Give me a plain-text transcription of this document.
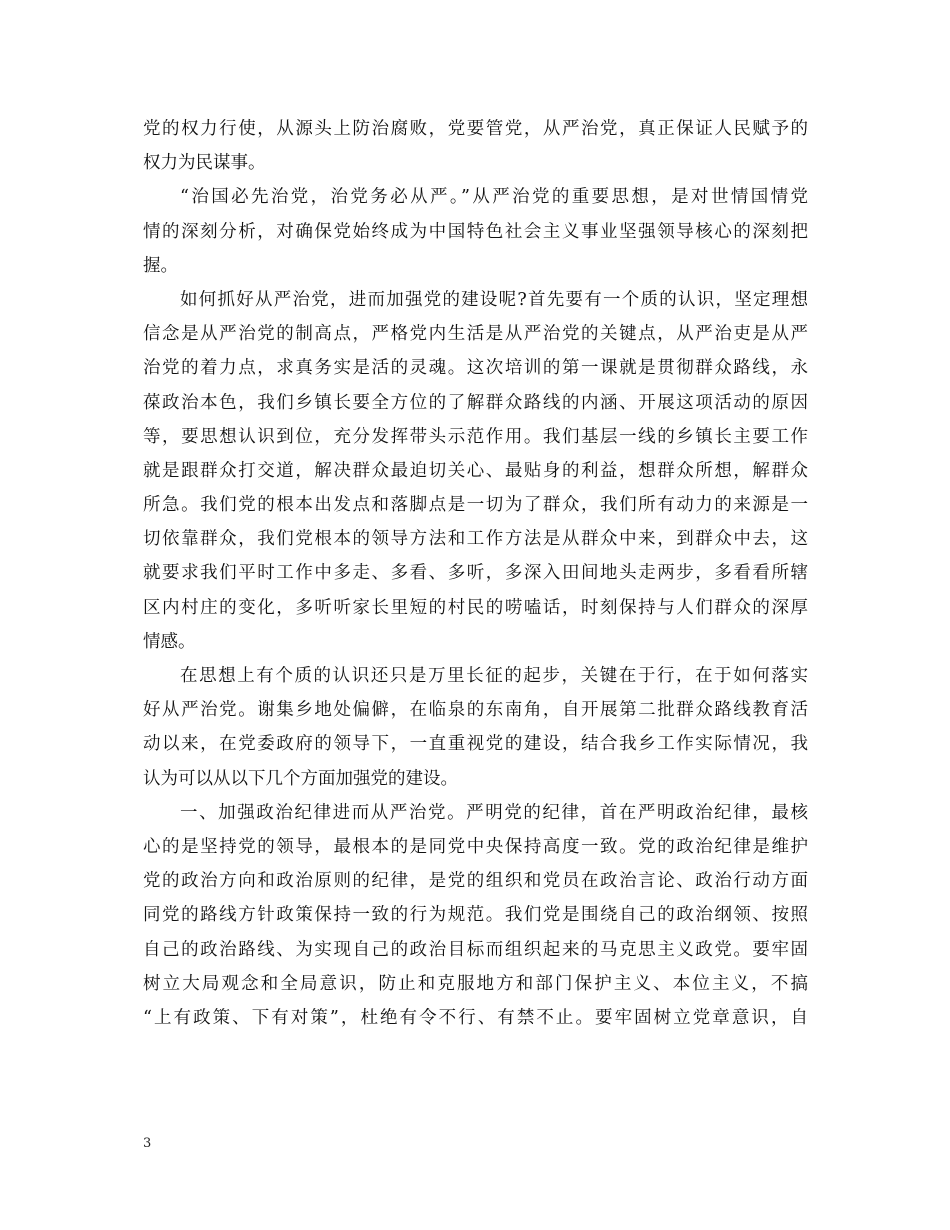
党的权力行使，从源头上防治腐败，党要管党，从严治党，真正保证人民赋予的
权力为民谋事。

“治国必先治党，治党务必从严。”从严治党的重要思想，是对世情国情党
情的深刻分析，对确保党始终成为中国特色社会主义事业坚强领导核心的深刻把
握。

如何抓好从严治党，进而加强党的建设呢?首先要有一个质的认识，坚定理想
信念是从严治党的制高点，严格党内生活是从严治党的关键点，从严治吏是从严
治党的着力点，求真务实是活的灵魂。这次培训的第一课就是贯彻群众路线，永
葆政治本色，我们乡镇长要全方位的了解群众路线的内涵、开展这项活动的原因
等，要思想认识到位，充分发挥带头示范作用。我们基层一线的乡镇长主要工作
就是跟群众打交道，解决群众最迫切关心、最贴身的利益，想群众所想，解群众
所急。我们党的根本出发点和落脚点是一切为了群众，我们所有动力的来源是一
切依靠群众，我们党根本的领导方法和工作方法是从群众中来，到群众中去，这
就要求我们平时工作中多走、多看、多听，多深入田间地头走两步，多看看所辖
区内村庄的变化，多听听家长里短的村民的唠嗑话，时刻保持与人们群众的深厚
情感。

在思想上有个质的认识还只是万里长征的起步，关键在于行，在于如何落实
好从严治党。谢集乡地处偏僻，在临泉的东南角，自开展第二批群众路线教育活
动以来，在党委政府的领导下，一直重视党的建设，结合我乡工作实际情况，我
认为可以从以下几个方面加强党的建设。

一、加强政治纪律进而从严治党。严明党的纪律，首在严明政治纪律，最核
心的是坚持党的领导，最根本的是同党中央保持高度一致。党的政治纪律是维护
党的政治方向和政治原则的纪律，是党的组织和党员在政治言论、政治行动方面
同党的路线方针政策保持一致的行为规范。我们党是围绕自己的政治纲领、按照
自己的政治路线、为实现自己的政治目标而组织起来的马克思主义政党。要牢固
树立大局观念和全局意识，防止和克服地方和部门保护主义、本位主义，不搞
“上有政策、下有对策”，杜绝有令不行、有禁不止。要牢固树立党章意识，自

3
